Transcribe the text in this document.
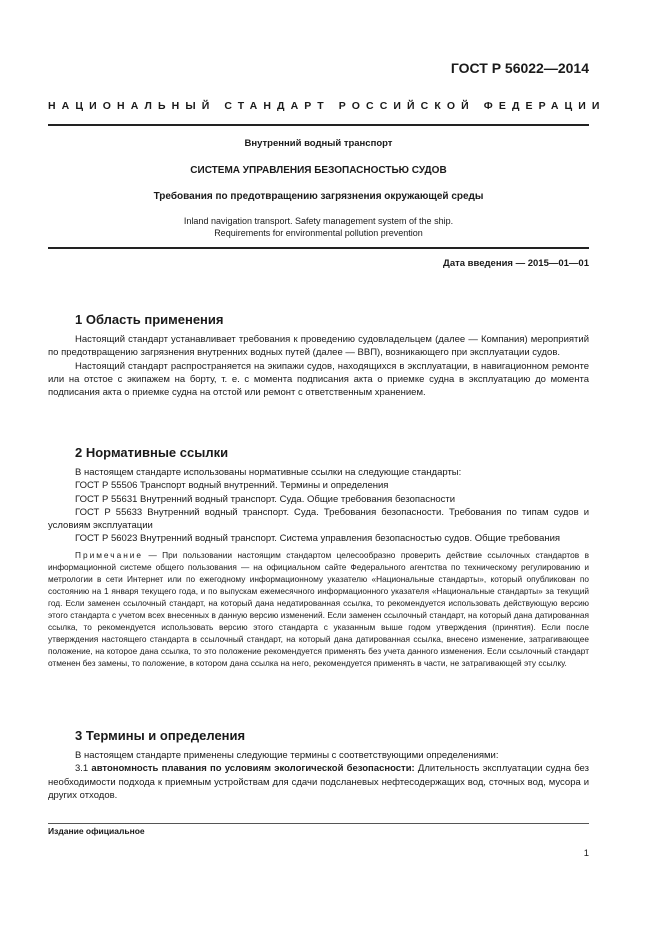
ГОСТ Р 56022—2014
НАЦИОНАЛЬНЫЙ СТАНДАРТ РОССИЙСКОЙ ФЕДЕРАЦИИ
Внутренний водный транспорт
СИСТЕМА УПРАВЛЕНИЯ БЕЗОПАСНОСТЬЮ СУДОВ
Требования по предотвращению загрязнения окружающей среды
Inland navigation transport. Safety management system of the ship.
Requirements for environmental pollution prevention
Дата введения — 2015—01—01
1 Область применения

Настоящий стандарт устанавливает требования к проведению судовладельцем (далее — Компания) мероприятий по предотвращению загрязнения внутренних водных путей (далее — ВВП), возникающего при эксплуатации судов.

Настоящий стандарт распространяется на экипажи судов, находящихся в эксплуатации, в навигационном ремонте или на отстое с экипажем на борту, т. е. с момента подписания акта о приемке судна в эксплуатацию до момента подписания акта о приемке судна на отстой или ремонт с ответственным хранением.

2 Нормативные ссылки

В настоящем стандарте использованы нормативные ссылки на следующие стандарты:

ГОСТ Р 55506 Транспорт водный внутренний. Термины и определения

ГОСТ Р 55631 Внутренний водный транспорт. Суда. Общие требования безопасности

ГОСТ Р 55633 Внутренний водный транспорт. Суда. Требования безопасности. Требования по типам судов и условиям эксплуатации

ГОСТ Р 56023 Внутренний водный транспорт. Система управления безопасностью судов. Общие требования

Примечание — При пользовании настоящим стандартом целесообразно проверить действие ссылочных стандартов в информационной системе общего пользования — на официальном сайте Федерального агентства по техническому регулированию и метрологии в сети Интернет или по ежегодному информационному указателю «Национальные стандарты», который опубликован по состоянию на 1 января текущего года, и по выпускам ежемесячного информационного указателя «Национальные стандарты» за текущий год. Если заменен ссылочный стандарт, на который дана недатированная ссылка, то рекомендуется использовать действующую версию этого стандарта с учетом всех внесенных в данную версию изменений. Если заменен ссылочный стандарт, на который дана датированная ссылка, то рекомендуется использовать версию этого стандарта с указанным выше годом утверждения (принятия). Если после утверждения настоящего стандарта в ссылочный стандарт, на который дана датированная ссылка, внесено изменение, затрагивающее положение, на которое дана ссылка, то это положение рекомендуется применять без учета данного изменения. Если ссылочный стандарт отменен без замены, то положение, в котором дана ссылка на него, рекомендуется применять в части, не затрагивающей эту ссылку.
3 Термины и определения

В настоящем стандарте применены следующие термины с соответствующими определениями:

3.1 автономность плавания по условиям экологической безопасности: Длительность эксплуатации судна без необходимости подхода к приемным устройствам для сдачи подсланевых нефтесодержащих вод, сточных вод, мусора и других отходов.

Издание официальное
1
